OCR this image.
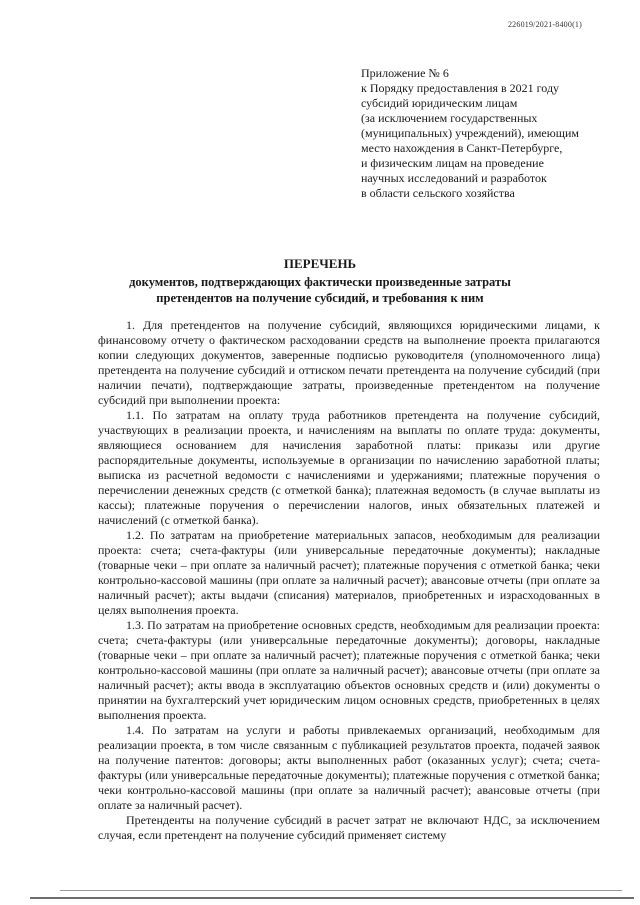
226019/2021-8400(1)
Приложение № 6
к Порядку предоставления в 2021 году
субсидий юридическим лицам
(за исключением государственных
(муниципальных) учреждений), имеющим
место нахождения в Санкт-Петербурге,
и физическим лицам на проведение
научных исследований и разработок
в области сельского хозяйства
ПЕРЕЧЕНЬ
документов, подтверждающих фактически произведенные затраты
претендентов на получение субсидий, и требования к ним

1. Для претендентов на получение субсидий, являющихся юридическими лицами, к финансовому отчету о фактическом расходовании средств на выполнение проекта прилагаются копии следующих документов, заверенные подписью руководителя (уполномоченного лица) претендента на получение субсидий и оттиском печати претендента на получение субсидий (при наличии печати), подтверждающие затраты, произведенные претендентом на получение субсидий при выполнении проекта:

1.1. По затратам на оплату труда работников претендента на получение субсидий, участвующих в реализации проекта, и начислениям на выплаты по оплате труда: документы, являющиеся основанием для начисления заработной платы: приказы или другие распорядительные документы, используемые в организации по начислению заработной платы; выписка из расчетной ведомости с начислениями и удержаниями; платежные поручения о перечислении денежных средств (с отметкой банка); платежная ведомость (в случае выплаты из кассы); платежные поручения о перечислении налогов, иных обязательных платежей и начислений (с отметкой банка).

1.2. По затратам на приобретение материальных запасов, необходимым для реализации проекта: счета; счета-фактуры (или универсальные передаточные документы); накладные (товарные чеки – при оплате за наличный расчет); платежные поручения с отметкой банка; чеки контрольно-кассовой машины (при оплате за наличный расчет); авансовые отчеты (при оплате за наличный расчет); акты выдачи (списания) материалов, приобретенных и израсходованных в целях выполнения проекта.

1.3. По затратам на приобретение основных средств, необходимым для реализации проекта: счета; счета-фактуры (или универсальные передаточные документы); договоры, накладные (товарные чеки – при оплате за наличный расчет); платежные поручения с отметкой банка; чеки контрольно-кассовой машины (при оплате за наличный расчет); авансовые отчеты (при оплате за наличный расчет); акты ввода в эксплуатацию объектов основных средств и (или) документы о принятии на бухгалтерский учет юридическим лицом основных средств, приобретенных в целях выполнения проекта.

1.4. По затратам на услуги и работы привлекаемых организаций, необходимым для реализации проекта, в том числе связанным с публикацией результатов проекта, подачей заявок на получение патентов: договоры; акты выполненных работ (оказанных услуг); счета; счета-фактуры (или универсальные передаточные документы); платежные поручения с отметкой банка; чеки контрольно-кассовой машины (при оплате за наличный расчет); авансовые отчеты (при оплате за наличный расчет).

Претенденты на получение субсидий в расчет затрат не включают НДС, за исключением случая, если претендент на получение субсидий применяет систему
